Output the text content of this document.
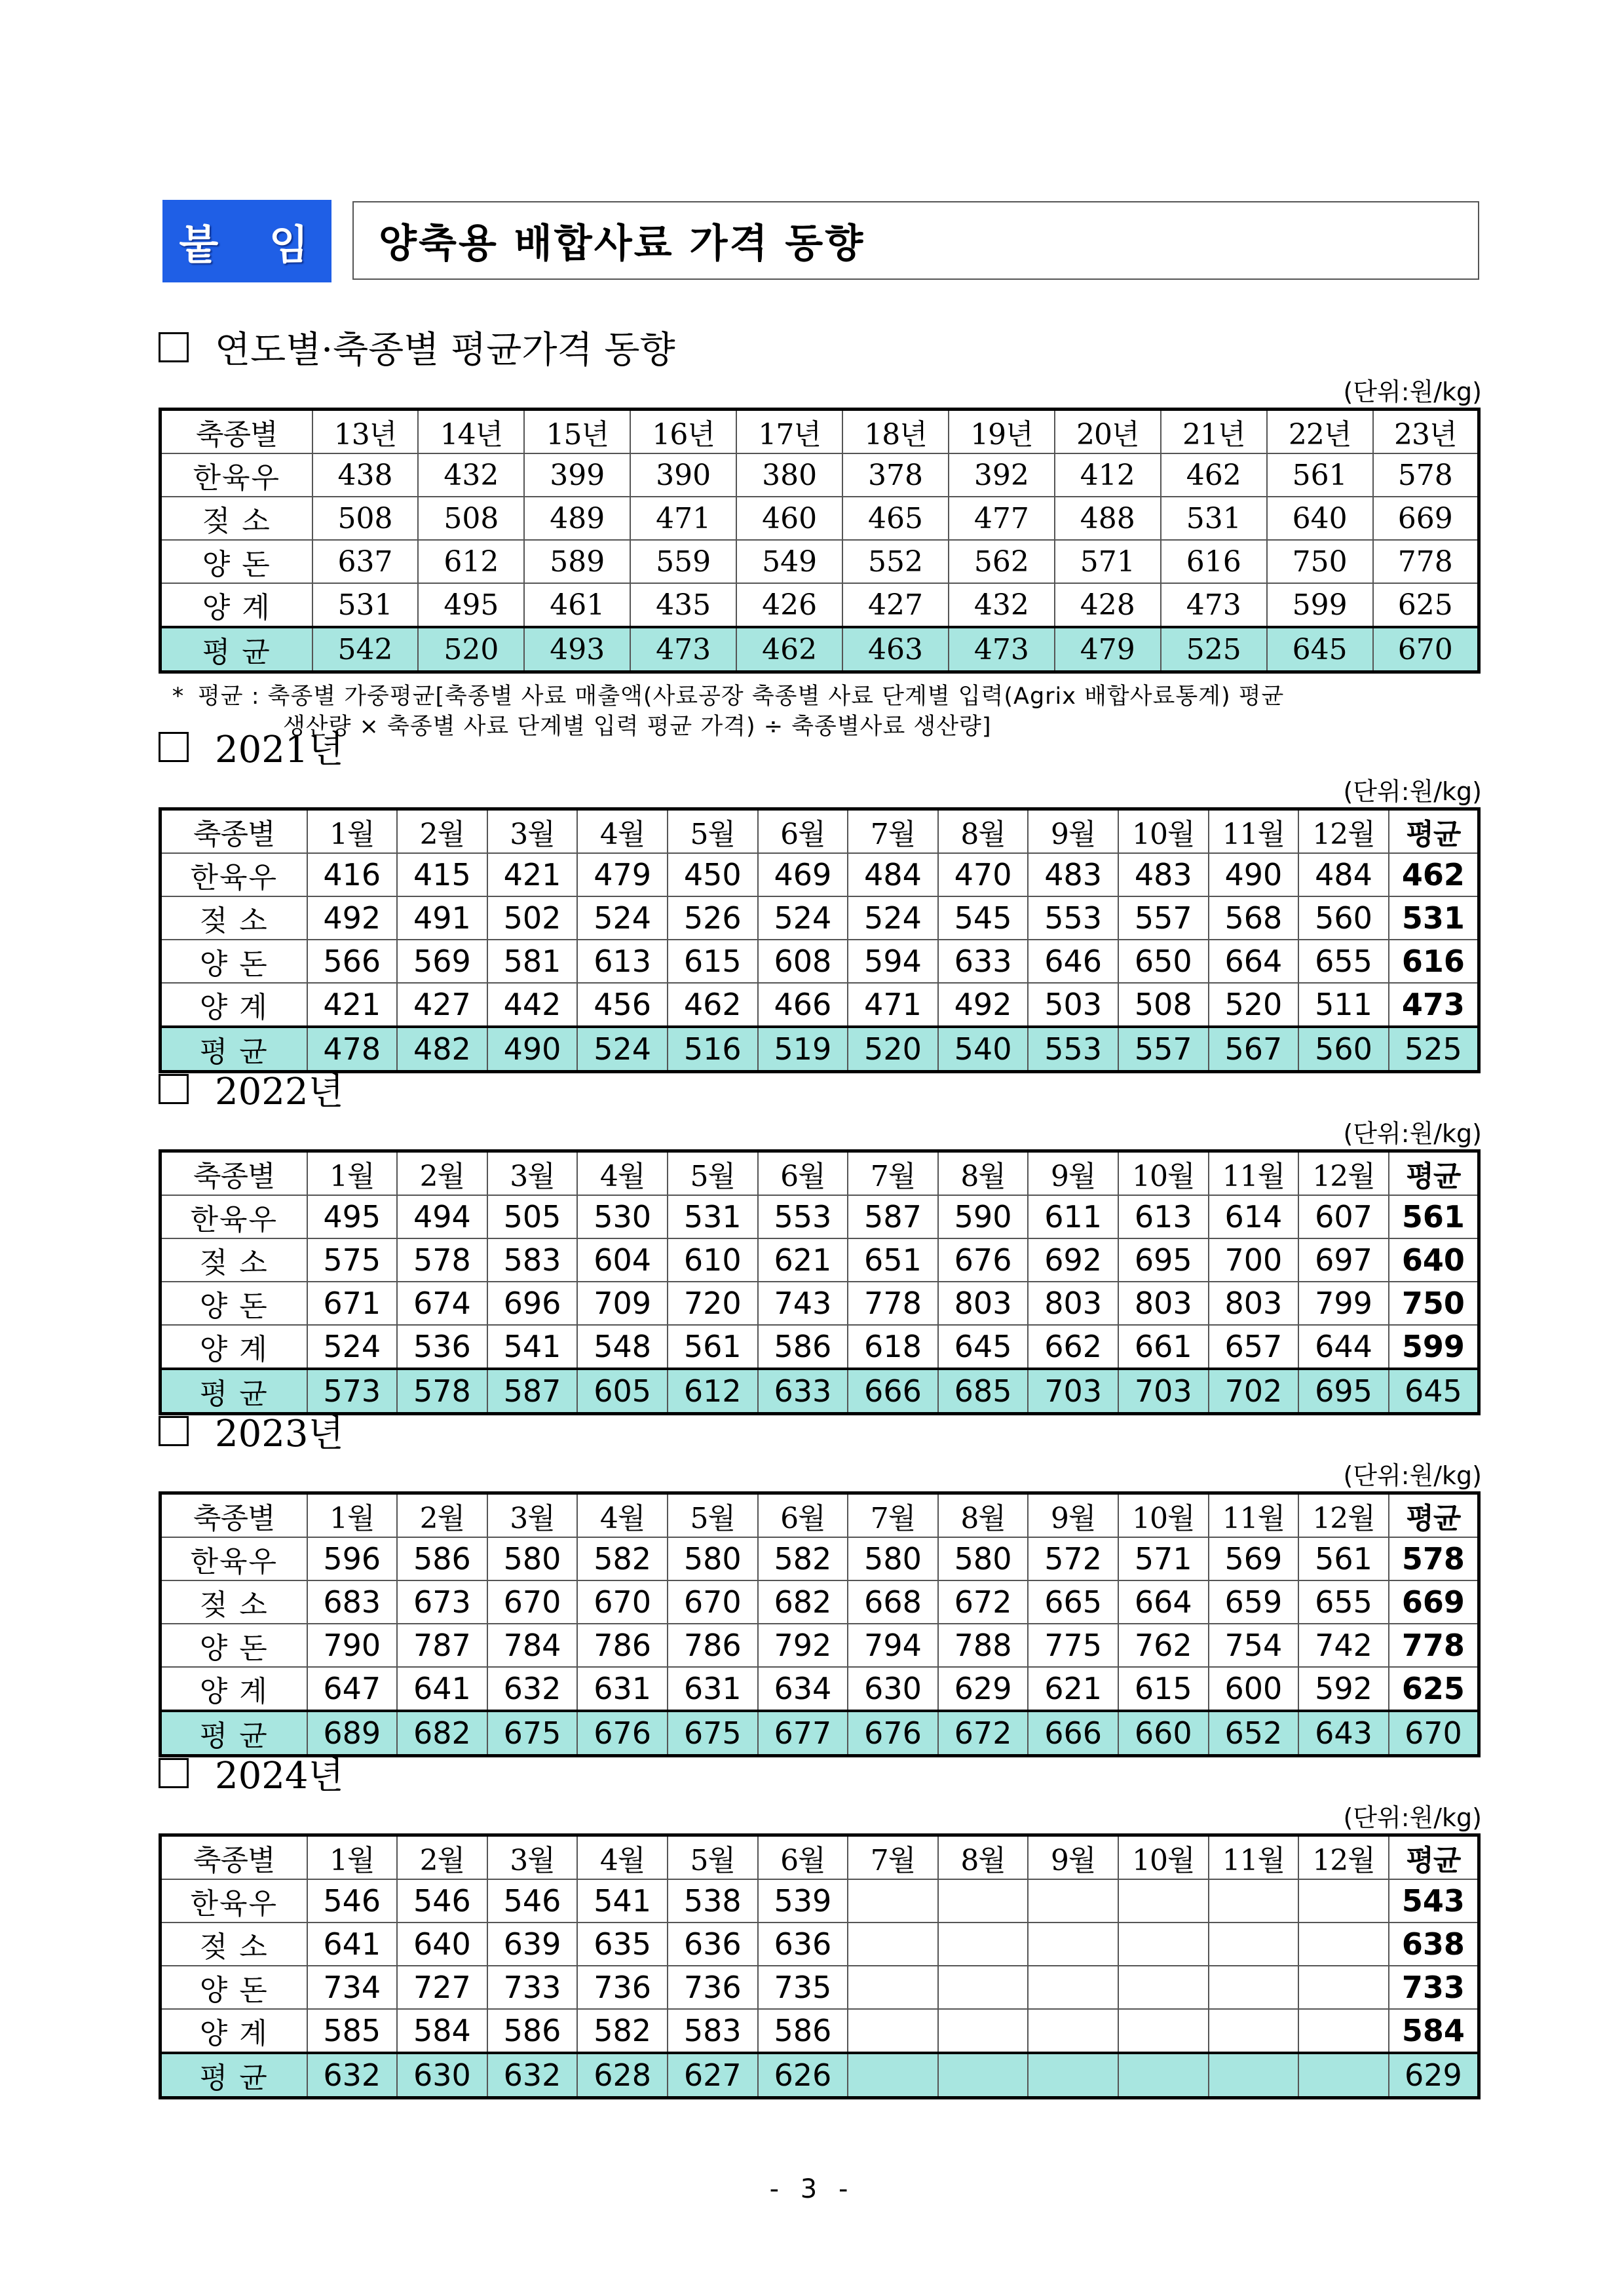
붙 임	양축용 배합사료 가격 동향
연도별·축종별 평균가격 동향
(단위:원/kg)
축종별	13년	14년	15년	16년	17년	18년	19년	20년	21년	22년	23년
한육우	438	432	399	390	380	378	392	412	462	561	578
젖 소	508	508	489	471	460	465	477	488	531	640	669
양 돈	637	612	589	559	549	552	562	571	616	750	778
양 계	531	495	461	435	426	427	432	428	473	599	625
평 균	542	520	493	473	462	463	473	479	525	645	670
* 평균 : 축종별 가중평균[축종별 사료 매출액(사료공장 축종별 사료 단계별 입력(Agrix 배합사료통계) 평균
생산량 × 축종별 사료 단계별 입력 평균 가격) ÷ 축종별사료 생산량]
2021년
(단위:원/kg)
축종별	1월	2월	3월	4월	5월	6월	7월	8월	9월	10월	11월	12월	평균
한육우	416	415	421	479	450	469	484	470	483	483	490	484	462
젖 소	492	491	502	524	526	524	524	545	553	557	568	560	531
양 돈	566	569	581	613	615	608	594	633	646	650	664	655	616
양 계	421	427	442	456	462	466	471	492	503	508	520	511	473
평 균	478	482	490	524	516	519	520	540	553	557	567	560	525
2022년
(단위:원/kg)
축종별	1월	2월	3월	4월	5월	6월	7월	8월	9월	10월	11월	12월	평균
한육우	495	494	505	530	531	553	587	590	611	613	614	607	561
젖 소	575	578	583	604	610	621	651	676	692	695	700	697	640
양 돈	671	674	696	709	720	743	778	803	803	803	803	799	750
양 계	524	536	541	548	561	586	618	645	662	661	657	644	599
평 균	573	578	587	605	612	633	666	685	703	703	702	695	645
2023년
(단위:원/kg)
축종별	1월	2월	3월	4월	5월	6월	7월	8월	9월	10월	11월	12월	평균
한육우	596	586	580	582	580	582	580	580	572	571	569	561	578
젖 소	683	673	670	670	670	682	668	672	665	664	659	655	669
양 돈	790	787	784	786	786	792	794	788	775	762	754	742	778
양 계	647	641	632	631	631	634	630	629	621	615	600	592	625
평 균	689	682	675	676	675	677	676	672	666	660	652	643	670
2024년
(단위:원/kg)
축종별	1월	2월	3월	4월	5월	6월	7월	8월	9월	10월	11월	12월	평균
한육우	546	546	546	541	538	539							543
젖 소	641	640	639	635	636	636							638
양 돈	734	727	733	736	736	735							733
양 계	585	584	586	582	583	586							584
평 균	632	630	632	628	627	626							629
- 3 -
